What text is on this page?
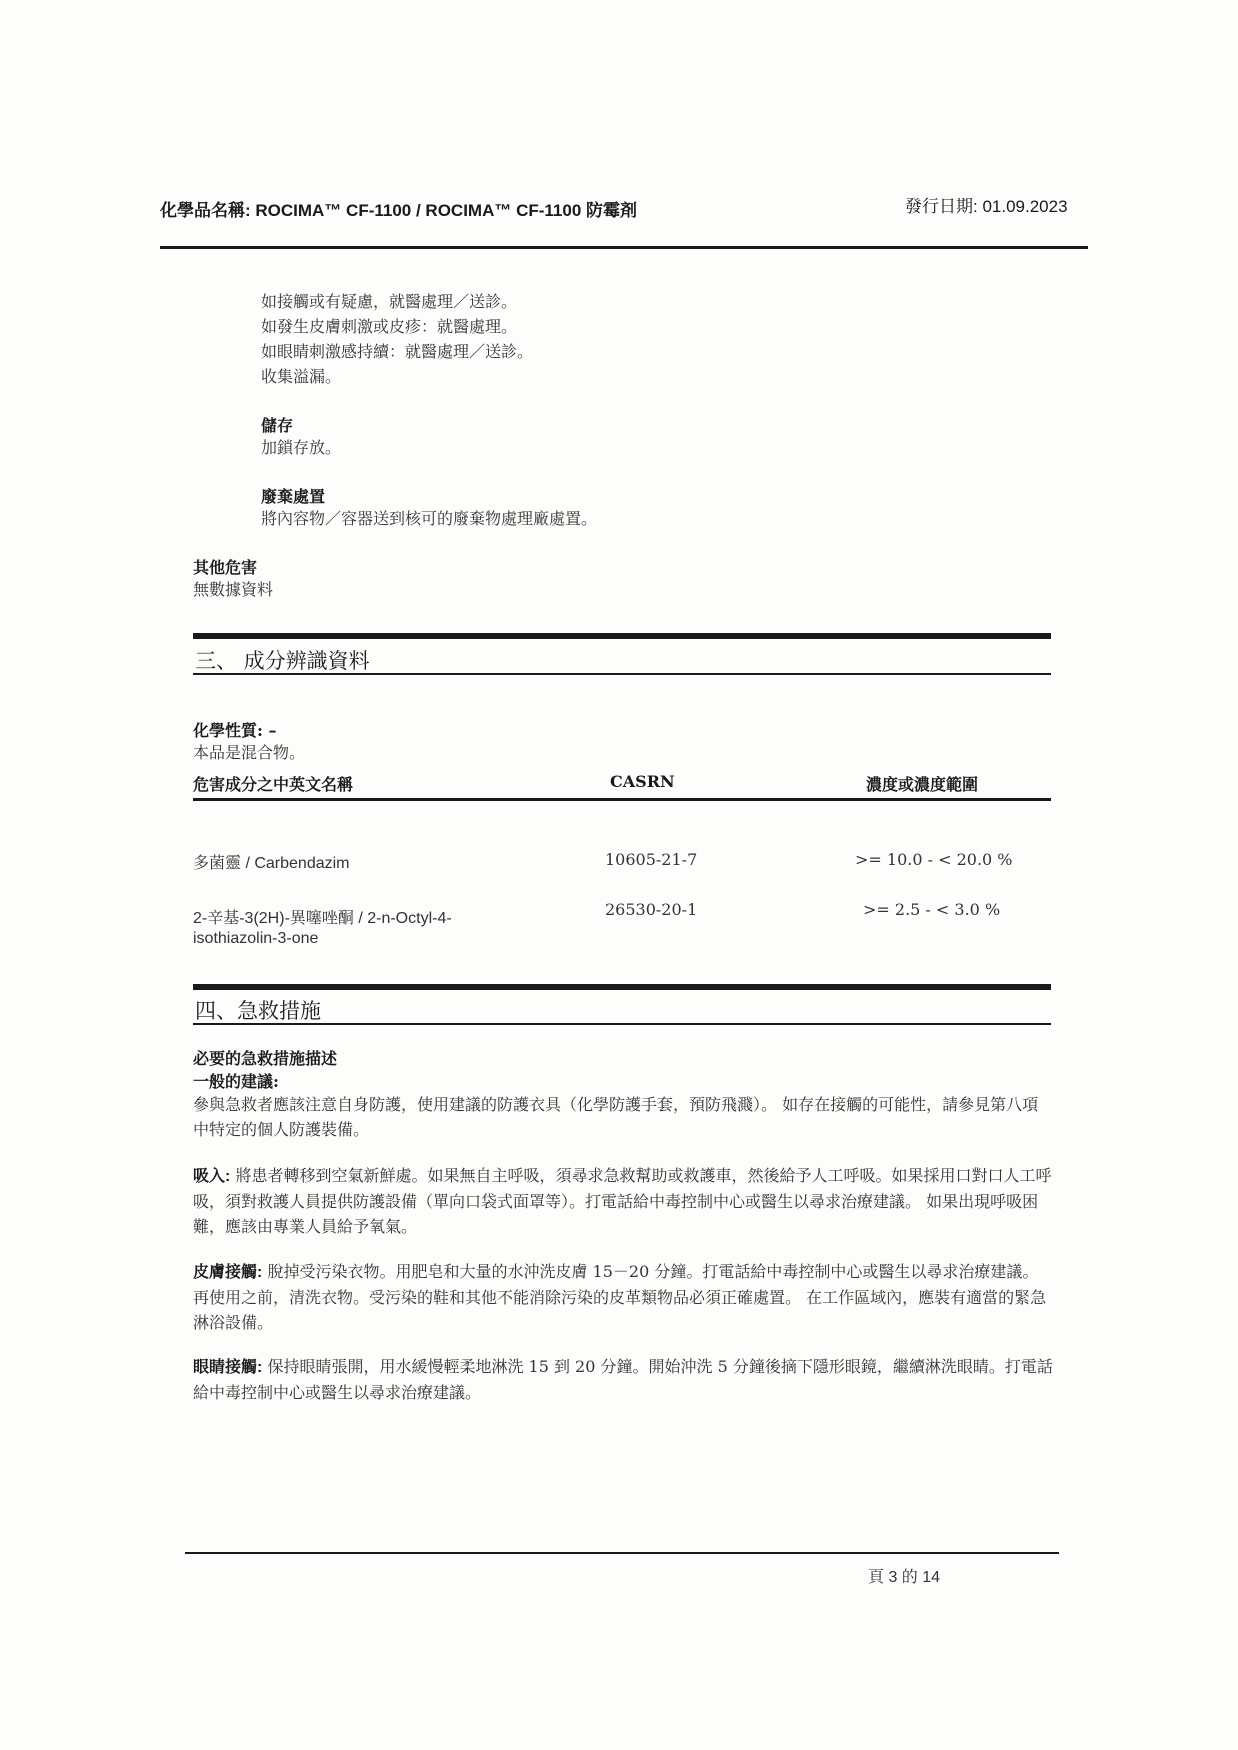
化學品名稱: ROCIMA™ CF-1100 / ROCIMA™ CF-1100 防霉剤	發行日期: 01.09.2023
如接觸或有疑慮，就醫處理／送診。
如發生皮膚刺激或皮疹：就醫處理。
如眼睛刺激感持續：就醫處理／送診。
收集溢漏。
儲存
加鎖存放。
廢棄處置
將內容物／容器送到核可的廢棄物處理廠處置。
其他危害
無數據資料
三、 成分辨識資料
化學性質: –
本品是混合物。
危害成分之中英文名稱	CASRN	濃度或濃度範圍
多菌靈 / Carbendazim	10605-21-7	>= 10.0 - < 20.0 %
2-辛基-3(2H)-異噻唑酮 / 2-n-Octyl-4-
isothiazolin-3-one
26530-20-1	>= 2.5 - < 3.0 %
四、急救措施
必要的急救措施描述
一般的建議:
參與急救者應該注意自身防護，使用建議的防護衣具（化學防護手套，預防飛濺）。 如存在接觸的可能性，請參見第八項中特定的個人防護裝備。
吸入: 將患者轉移到空氣新鮮處。如果無自主呼吸，須尋求急救幫助或救護車，然後給予人工呼吸。如果採用口對口人工呼吸，須對救護人員提供防護設備（單向口袋式面罩等）。打電話給中毒控制中心或醫生以尋求治療建議。 如果出現呼吸困難，應該由專業人員給予氧氣。
皮膚接觸: 脫掉受污染衣物。用肥皂和大量的水沖洗皮膚 15－20 分鐘。打電話給中毒控制中心或醫生以尋求治療建議。 再使用之前，清洗衣物。受污染的鞋和其他不能消除污染的皮革類物品必須正確處置。 在工作區域內，應裝有適當的緊急淋浴設備。
眼睛接觸: 保持眼睛張開，用水緩慢輕柔地淋洗 15 到 20 分鐘。開始沖洗 5 分鐘後摘下隱形眼鏡，繼續淋洗眼睛。打電話給中毒控制中心或醫生以尋求治療建議。
頁 3 的 14
